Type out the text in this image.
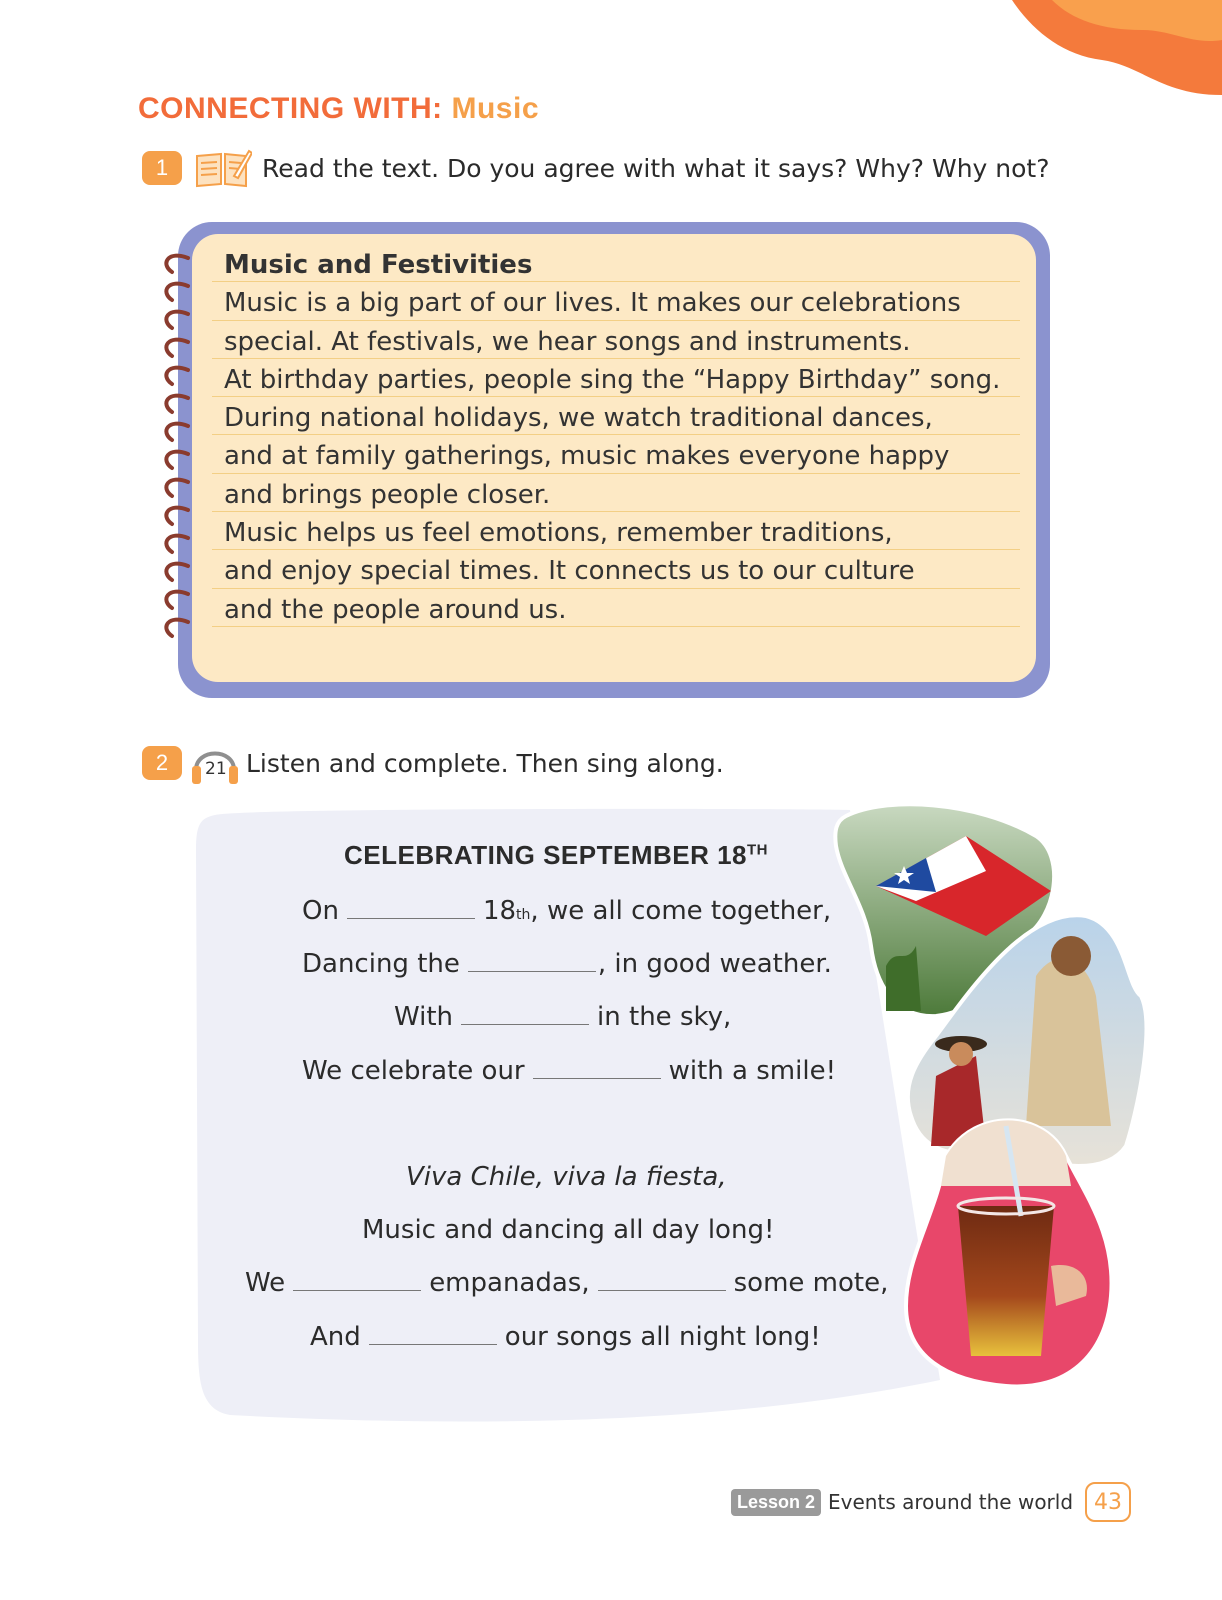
CONNECTING WITH: Music
1	Read the text. Do you agree with what it says? Why? Why not?
Music and Festivities
Music is a big part of our lives. It makes our celebrations
special. At festivals, we hear songs and instruments.
At birthday parties, people sing the “Happy Birthday” song.
During national holidays, we watch traditional dances,
and at family gatherings, music makes everyone happy
and brings people closer.
Music helps us feel emotions, remember traditions,
and enjoy special times. It connects us to our culture
and the people around us.
2	21 Listen and complete. Then sing along.
CELEBRATING SEPTEMBER 18TH
On	18 th , we all come together,
Dancing the	, in good weather.
With	in the sky,
We celebrate our	with a smile!
Viva Chile, viva la fiesta,
Music and dancing all day long!
We	empanadas,	some mote,
And	our songs all night long!
Lesson 2 Events around the world 43
